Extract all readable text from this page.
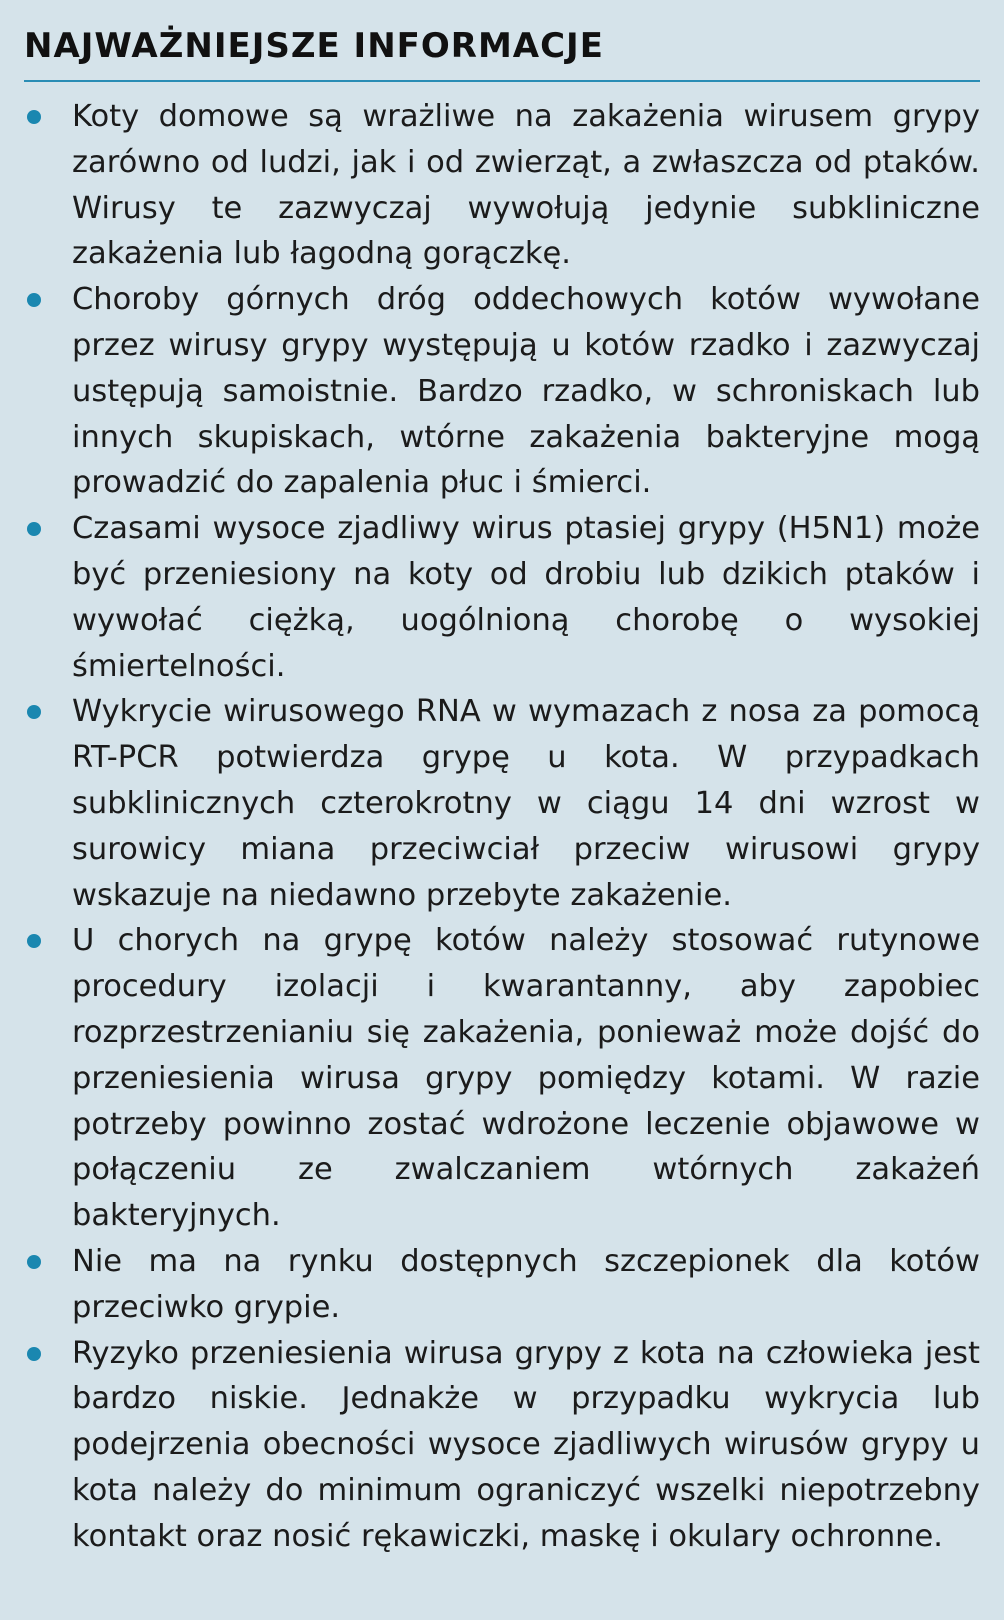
NAJWAŻNIEJSZE INFORMACJE
Koty domowe są wrażliwe na zakażenia wirusem grypy zarówno od ludzi, jak i od zwierząt, a zwłaszcza od ptaków. Wirusy te zazwyczaj wywołują jedynie subkliniczne zakażenia lub łagodną gorączkę.
Choroby górnych dróg oddechowych kotów wywołane przez wirusy grypy występują u kotów rzadko i zazwyczaj ustępują samoistnie. Bardzo rzadko, w schroniskach lub innych skupiskach, wtórne zakażenia bakteryjne mogą prowadzić do zapalenia płuc i śmierci.
Czasami wysoce zjadliwy wirus ptasiej grypy (H5N1) może być przeniesiony na koty od drobiu lub dzikich ptaków i wywołać ciężką, uogólnioną chorobę o wysokiej śmiertelności.
Wykrycie wirusowego RNA w wymazach z nosa za pomocą RT-PCR potwierdza grypę u kota. W przypadkach subklinicznych czterokrotny w ciągu 14 dni wzrost w surowicy miana przeciwciał przeciw wirusowi grypy wskazuje na niedawno przebyte zakażenie.
U chorych na grypę kotów należy stosować rutynowe procedury izolacji i kwarantanny, aby zapobiec rozprzestrzenianiu się zakażenia, ponieważ może dojść do przeniesienia wirusa grypy pomiędzy kotami. W razie potrzeby powinno zostać wdrożone leczenie objawowe w połączeniu ze zwalczaniem wtórnych zakażeń bakteryjnych.
Nie ma na rynku dostępnych szczepionek dla kotów przeciwko grypie.
Ryzyko przeniesienia wirusa grypy z kota na człowieka jest bardzo niskie. Jednakże w przypadku wykrycia lub podejrzenia obecności wysoce zjadliwych wirusów grypy u kota należy do minimum ograniczyć wszelki niepotrzebny kontakt oraz nosić rękawiczki, maskę i okulary ochronne.
